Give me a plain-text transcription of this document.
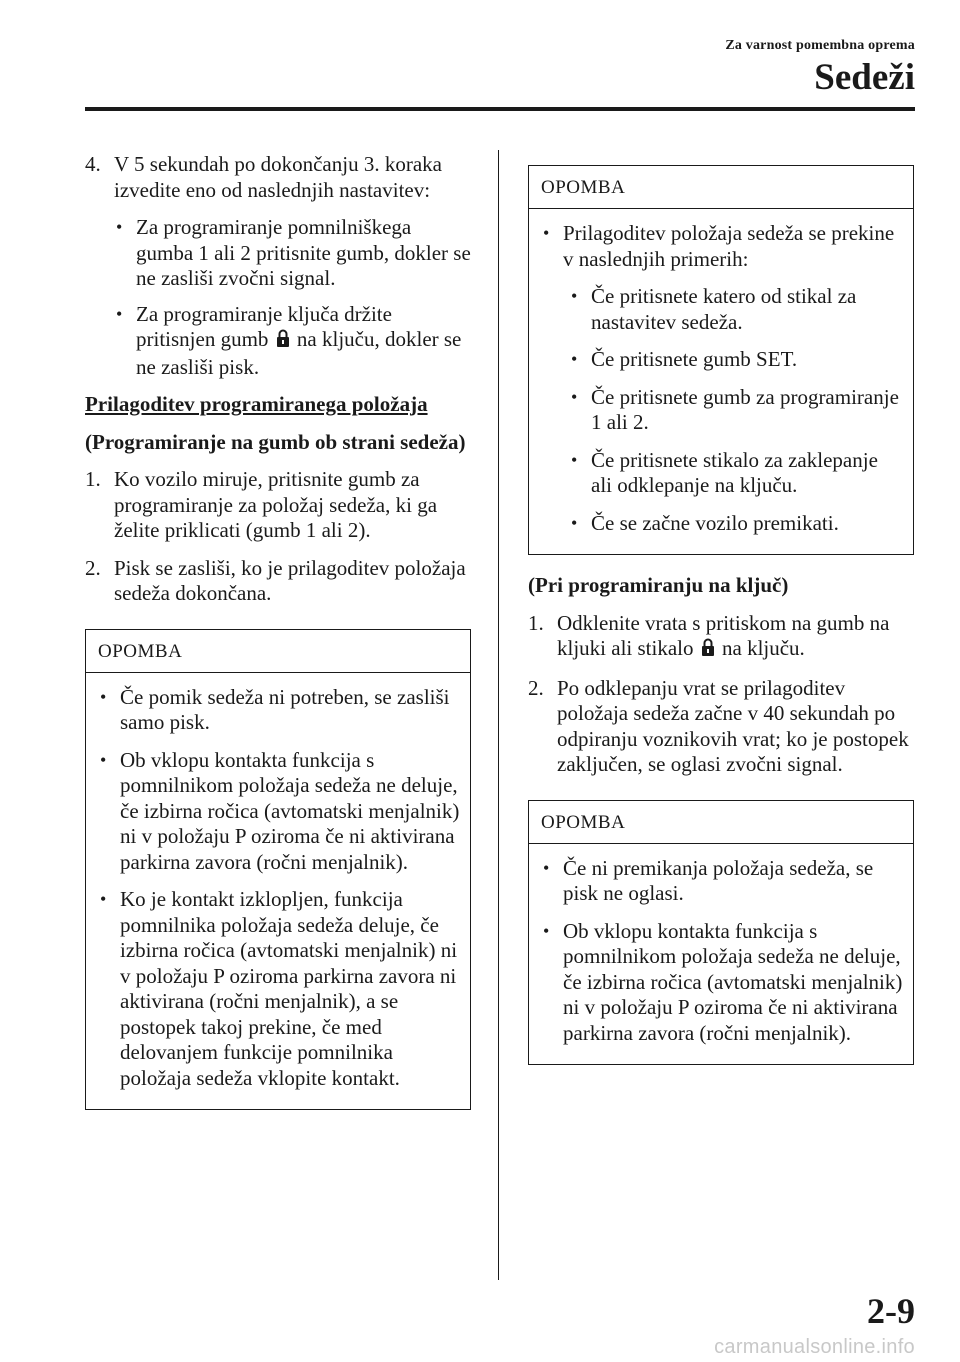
Za varnost pomembna oprema
Sedeži
4. V 5 sekundah po dokončanju 3. koraka izvedite eno od naslednjih nastavitev:
• Za programiranje pomnilniškega gumba 1 ali 2 pritisnite gumb, dokler se ne zasliši zvočni signal.
• Za programiranje ključa držite pritisnjen gumb na ključu, dokler se ne zasliši pisk.
Prilagoditev programiranega položaja
(Programiranje na gumb ob strani sedeža)
1. Ko vozilo miruje, pritisnite gumb za programiranje za položaj sedeža, ki ga želite priklicati (gumb 1 ali 2).
2. Pisk se zasliši, ko je prilagoditev položaja sedeža dokončana.
OPOMBA
• Če pomik sedeža ni potreben, se zasliši samo pisk.
• Ob vklopu kontakta funkcija s pomnilnikom položaja sedeža ne deluje, če izbirna ročica (avtomatski menjalnik) ni v položaju P oziroma če ni aktivirana parkirna zavora (ročni menjalnik).
• Ko je kontakt izklopljen, funkcija pomnilnika položaja sedeža deluje, če izbirna ročica (avtomatski menjalnik) ni v položaju P oziroma parkirna zavora ni aktivirana (ročni menjalnik), a se postopek takoj prekine, če med delovanjem funkcije pomnilnika položaja sedeža vklopite kontakt.
OPOMBA
• Prilagoditev položaja sedeža se prekine v naslednjih primerih:
• Če pritisnete katero od stikal za nastavitev sedeža.
• Če pritisnete gumb SET.
• Če pritisnete gumb za programiranje 1 ali 2.
• Če pritisnete stikalo za zaklepanje ali odklepanje na ključu.
• Če se začne vozilo premikati.
(Pri programiranju na ključ)
1. Odklenite vrata s pritiskom na gumb na kljuki ali stikalo na ključu.
2. Po odklepanju vrat se prilagoditev položaja sedeža začne v 40 sekundah po odpiranju voznikovih vrat; ko je postopek zaključen, se oglasi zvočni signal.
OPOMBA
• Če ni premikanja položaja sedeža, se pisk ne oglasi.
• Ob vklopu kontakta funkcija s pomnilnikom položaja sedeža ne deluje, če izbirna ročica (avtomatski menjalnik) ni v položaju P oziroma če ni aktivirana parkirna zavora (ročni menjalnik).
2-9
carmanualsonline.info
